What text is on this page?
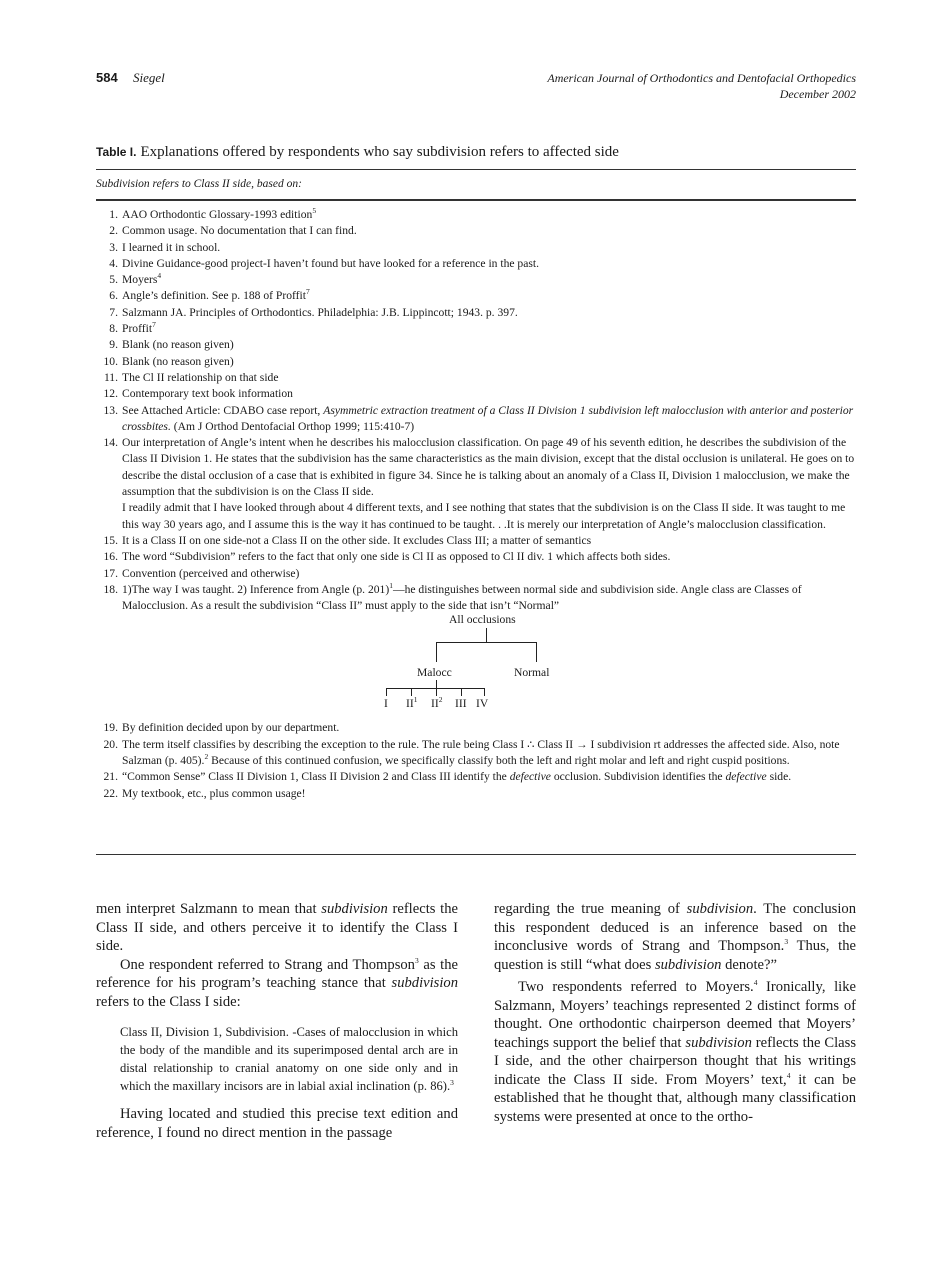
584 Siegel	American Journal of Orthodontics and Dentofacial Orthopedics
December 2002
Table I. Explanations offered by respondents who say subdivision refers to affected side
Subdivision refers to Class II side, based on:
1. AAO Orthodontic Glossary-1993 edition$^5$
2. Common usage. No documentation that I can find.
3. I learned it in school.
4. Divine Guidance-good project-I haven’t found but have looked for a reference in the past.
5. Moyers$^4$
6. Angle’s definition. See p. 188 of Proffit$^7$
7. Salzmann JA. Principles of Orthodontics. Philadelphia: J.B. Lippincott; 1943. p. 397.
8. Proffit$^7$
9. Blank (no reason given)
10. Blank (no reason given)
11. The Cl II relationship on that side
12. Contemporary text book information
13. See Attached Article: CDABO case report, Asymmetric extraction treatment of a Class II Division 1 subdivision left malocclusion with anterior and posterior crossbites. (Am J Orthod Dentofacial Orthop 1999; 115:410-7)
14. Our interpretation of Angle’s intent when he describes his malocclusion classification. On page 49 of his seventh edition, he describes the subdivision of the Class II Division 1. He states that the subdivision has the same characteristics as the main division, except that the distal occlusion is unilateral. He goes on to describe the distal occlusion of a case that is exhibited in figure 34. Since he is talking about an anomaly of a Class II, Division 1 malocclusion, we make the assumption that the subdivision is on the Class II side.
I readily admit that I have looked through about 4 different texts, and I see nothing that states that the subdivision is on the Class II side. It was taught to me this way 30 years ago, and I assume this is the way it has continued to be taught. . .It is merely our interpretation of Angle’s malocclusion classification.
15. It is a Class II on one side-not a Class II on the other side. It excludes Class III; a matter of semantics
16. The word “Subdivision” refers to the fact that only one side is Cl II as opposed to Cl II div. 1 which affects both sides.
17. Convention (perceived and otherwise)
18. 1)The way I was taught. 2) Inference from Angle (p. 201)$^1$—he distinguishes between normal side and subdivision side. Angle class are Classes of Malocclusion. As a result the subdivision “Class II” must apply to the side that isn’t “Normal”
All occlusions
Malocc	Normal
I $II^1$ $II^2$ III IV
19. By definition decided upon by our department.
20. The term itself classifies by describing the exception to the rule. The rule being Class I ∴ Class II → I subdivision rt addresses the affected side. Also, note Salzman (p. 405).$^2$ Because of this continued confusion, we specifically classify both the left and right molar and left and right cuspid positions.
21. “Common Sense” Class II Division 1, Class II Division 2 and Class III identify the defective occlusion. Subdivision identifies the defective side.
22. My textbook, etc., plus common usage!

men interpret Salzmann to mean that subdivision reflects the Class II side, and others perceive it to identify the Class I side.

One respondent referred to Strang and Thompson$^3$ as the reference for his program’s teaching stance that subdivision refers to the Class I side:

Class II, Division 1, Subdivision. -Cases of malocclusion in which the body of the mandible and its superimposed dental arch are in distal relationship to cranial anatomy on one side only and in which the maxillary incisors are in labial axial inclination (p. 86).$^3$

Having located and studied this precise text edition and reference, I found no direct mention in the passage

regarding the true meaning of subdivision. The conclusion this respondent deduced is an inference based on the inconclusive words of Strang and Thompson.$^3$ Thus, the question is still “what does subdivision denote?”

Two respondents referred to Moyers.$^4$ Ironically, like Salzmann, Moyers’ teachings represented 2 distinct forms of thought. One orthodontic chairperson deemed that Moyers’ teachings support the belief that subdivision reflects the Class I side, and the other chairperson thought that his writings indicate the Class II side. From Moyers’ text,$^4$ it can be established that he thought that, although many classification systems were presented at once to the ortho-
